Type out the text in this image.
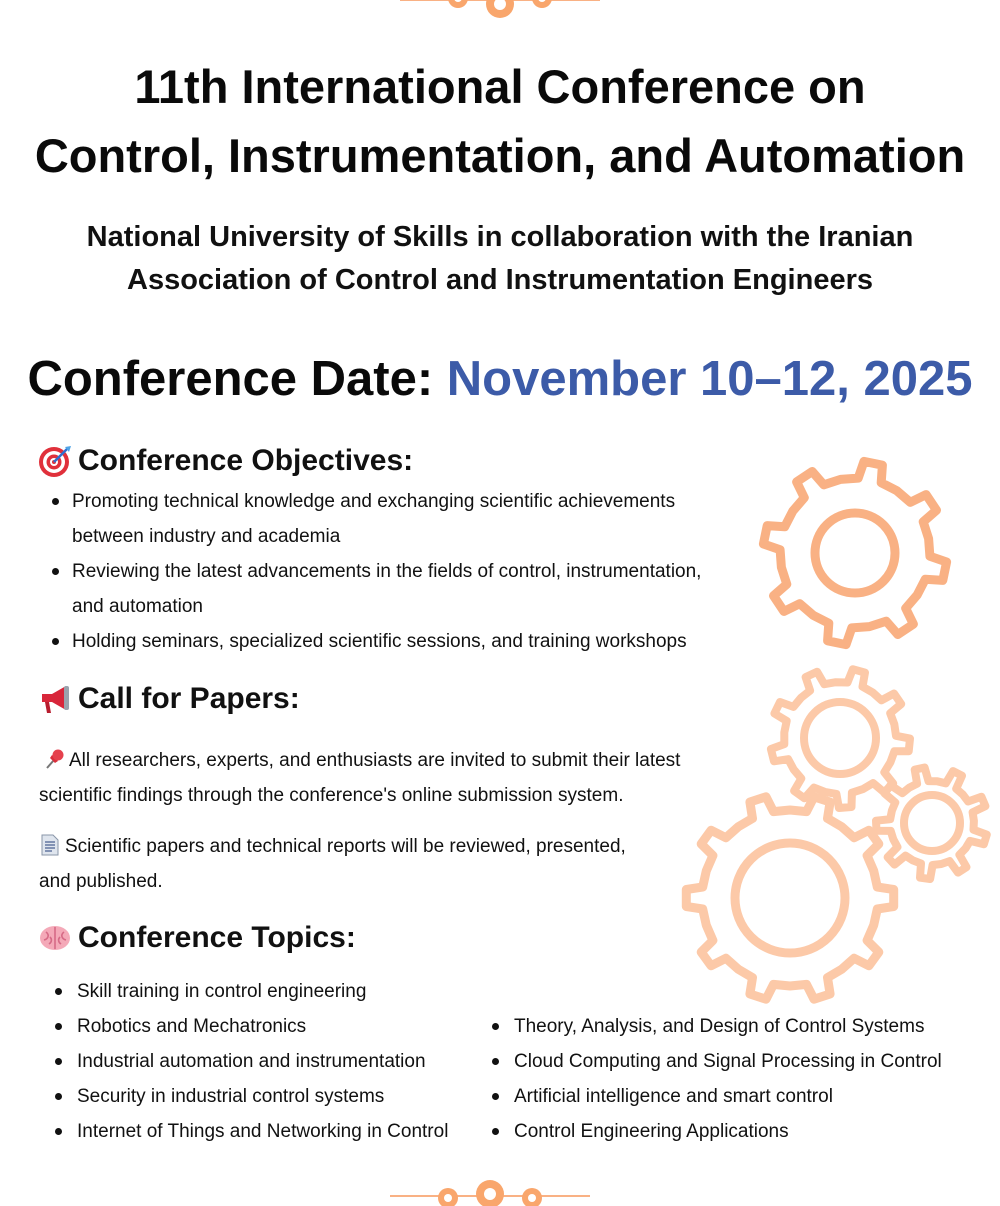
11th International Conference on
Control, Instrumentation, and Automation
National University of Skills in collaboration with the Iranian
Association of Control and Instrumentation Engineers
Conference Date: November 10–12, 2025
Conference Objectives:
Promoting technical knowledge and exchanging scientific achievements
between industry and academia
Reviewing the latest advancements in the fields of control, instrumentation,
and automation
Holding seminars, specialized scientific sessions, and training workshops
Call for Papers:

All researchers, experts, and enthusiasts are invited to submit their latest
scientific findings through the conference's online submission system.

Scientific papers and technical reports will be reviewed, presented,
and published.

Conference Topics:
Skill training in control engineering
Robotics and Mechatronics
Industrial automation and instrumentation
Security in industrial control systems
Internet of Things and Networking in Control
Theory, Analysis, and Design of Control Systems
Cloud Computing and Signal Processing in Control
Artificial intelligence and smart control
Control Engineering Applications
